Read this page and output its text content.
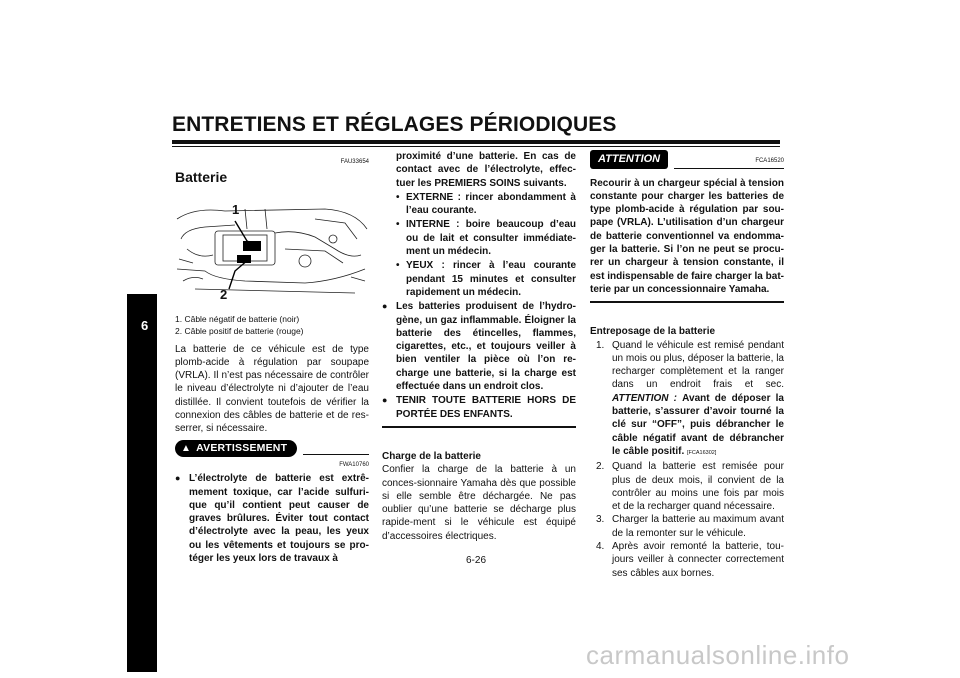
ENTRETIENS ET RÉGLAGES PÉRIODIQUES
6
FAU33654
Batterie
1
2
1. Câble négatif de batterie (noir)
2. Câble positif de batterie (rouge)

La batterie de ce véhicule est de type plomb-acide à régulation par soupape (VRLA). Il n’est pas nécessaire de contrôler le niveau d’électrolyte ni d’ajouter de l’eau distillée. Il convient toutefois de vérifier la connexion des câbles de batterie et de res-serrer, si nécessaire.

▲ AVERTISSEMENT
FWA10760
● L’électrolyte de batterie est extrê-mement toxique, car l’acide sulfuri-que qu’il contient peut causer de graves brûlures. Éviter tout contact d’électrolyte avec la peau, les yeux ou les vêtements et toujours se pro-téger les yeux lors de travaux à
proximité d’une batterie. En cas de contact avec de l’électrolyte, effec-tuer les PREMIERS SOINS suivants.
• EXTERNE : rincer abondamment à l’eau courante.
• INTERNE : boire beaucoup d’eau ou de lait et consulter immédiate-ment un médecin.
• YEUX : rincer à l’eau courante pendant 15 minutes et consulter rapidement un médecin.
● Les batteries produisent de l’hydro-gène, un gaz inflammable. Éloigner la batterie des étincelles, flammes, cigarettes, etc., et toujours veiller à bien ventiler la pièce où l’on re-charge une batterie, si la charge est effectuée dans un endroit clos.
● TENIR TOUTE BATTERIE HORS DE PORTÉE DES ENFANTS.
Charge de la batterie

Confier la charge de la batterie à un conces-sionnaire Yamaha dès que possible si elle semble être déchargée. Ne pas oublier qu’une batterie se décharge plus rapide-ment si le véhicule est équipé d’accessoires électriques.

ATTENTION	FCA16520

Recourir à un chargeur spécial à tension constante pour charger les batteries de type plomb-acide à régulation par sou-pape (VRLA). L’utilisation d’un chargeur de batterie conventionnel va endomma-ger la batterie. Si l’on ne peut se procu-rer un chargeur à tension constante, il est indispensable de faire charger la bat-terie par un concessionnaire Yamaha.

Entreposage de la batterie
1. Quand le véhicule est remisé pendant un mois ou plus, déposer la batterie, la recharger complètement et la ranger dans un endroit frais et sec. ATTENTION : Avant de déposer la batterie, s’assurer d’avoir tourné la clé sur “OFF”, puis débrancher le câble négatif avant de débrancher le câble positif. [FCA16302]
2. Quand la batterie est remisée pour plus de deux mois, il convient de la contrôler au moins une fois par mois et de la recharger quand nécessaire.
3. Charger la batterie au maximum avant de la remonter sur le véhicule.
4. Après avoir remonté la batterie, tou-jours veiller à connecter correctement ses câbles aux bornes.
6-26
carmanualsonline.info
